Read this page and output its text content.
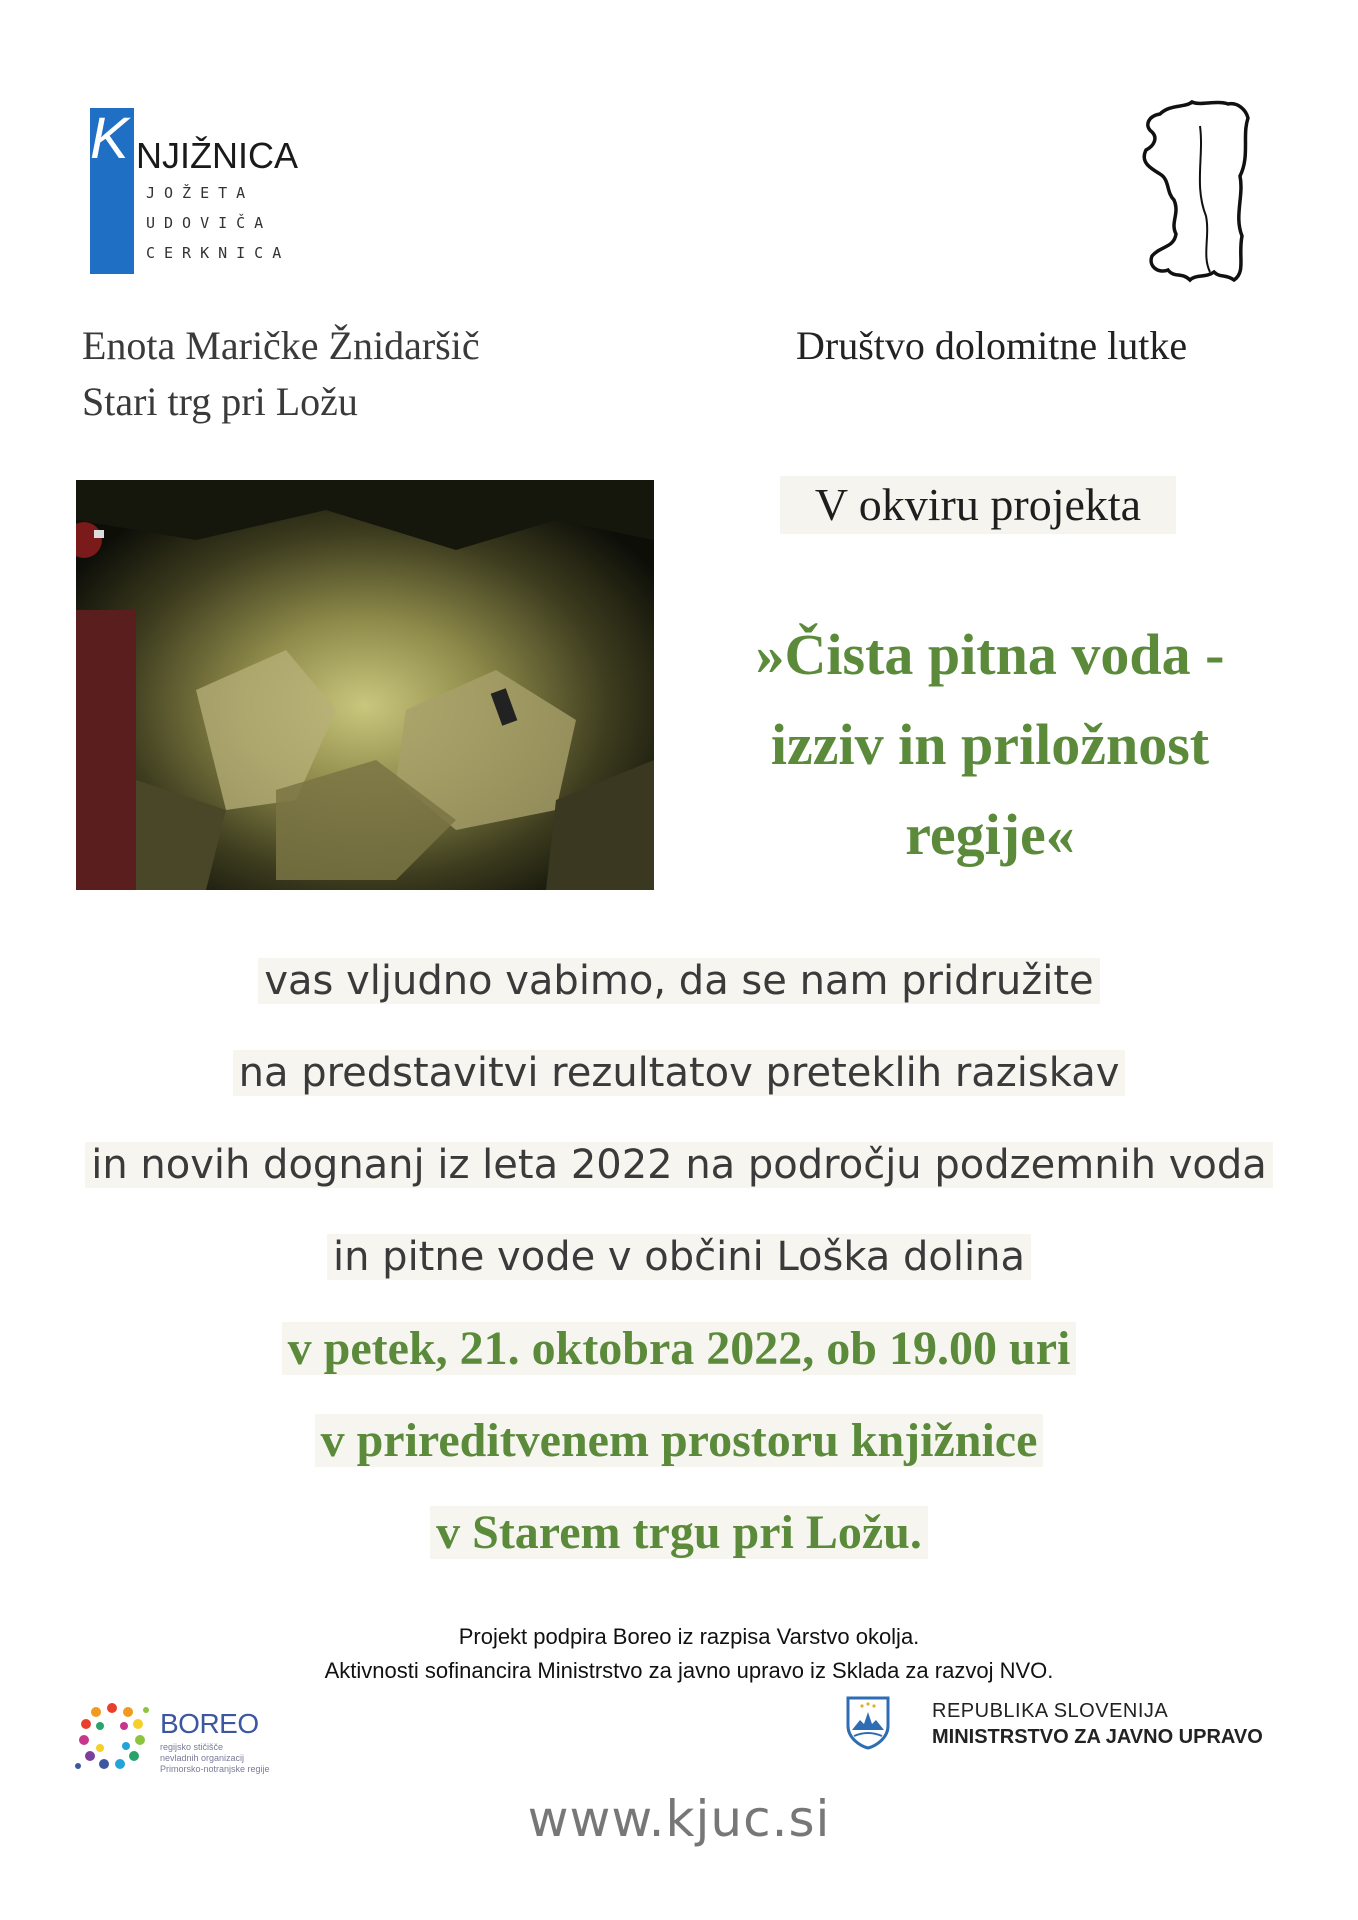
K NJIŽNICA
JOŽETA
UDOVIČA
CERKNICA
Enota Maričke Žnidaršič
Stari trg pri Ložu
Društvo dolomitne lutke
V okviru projekta
»Čista pitna voda -
izziv in priložnost
regije«
vas vljudno vabimo, da se nam pridružite
na predstavitvi rezultatov preteklih raziskav
in novih dognanj iz leta 2022 na področju podzemnih voda
in pitne vode v občini Loška dolina
v petek, 21. oktobra 2022, ob 19.00 uri
v prireditvenem prostoru knjižnice
v Starem trgu pri Ložu.
Projekt podpira Boreo iz razpisa Varstvo okolja.
Aktivnosti sofinancira Ministrstvo za javno upravo iz Sklada za razvoj NVO.
BOREO
regijsko stičišče
nevladnih organizacij
Primorsko-notranjske regije
REPUBLIKA SLOVENIJA
MINISTRSTVO ZA JAVNO UPRAVO
www.kjuc.si
